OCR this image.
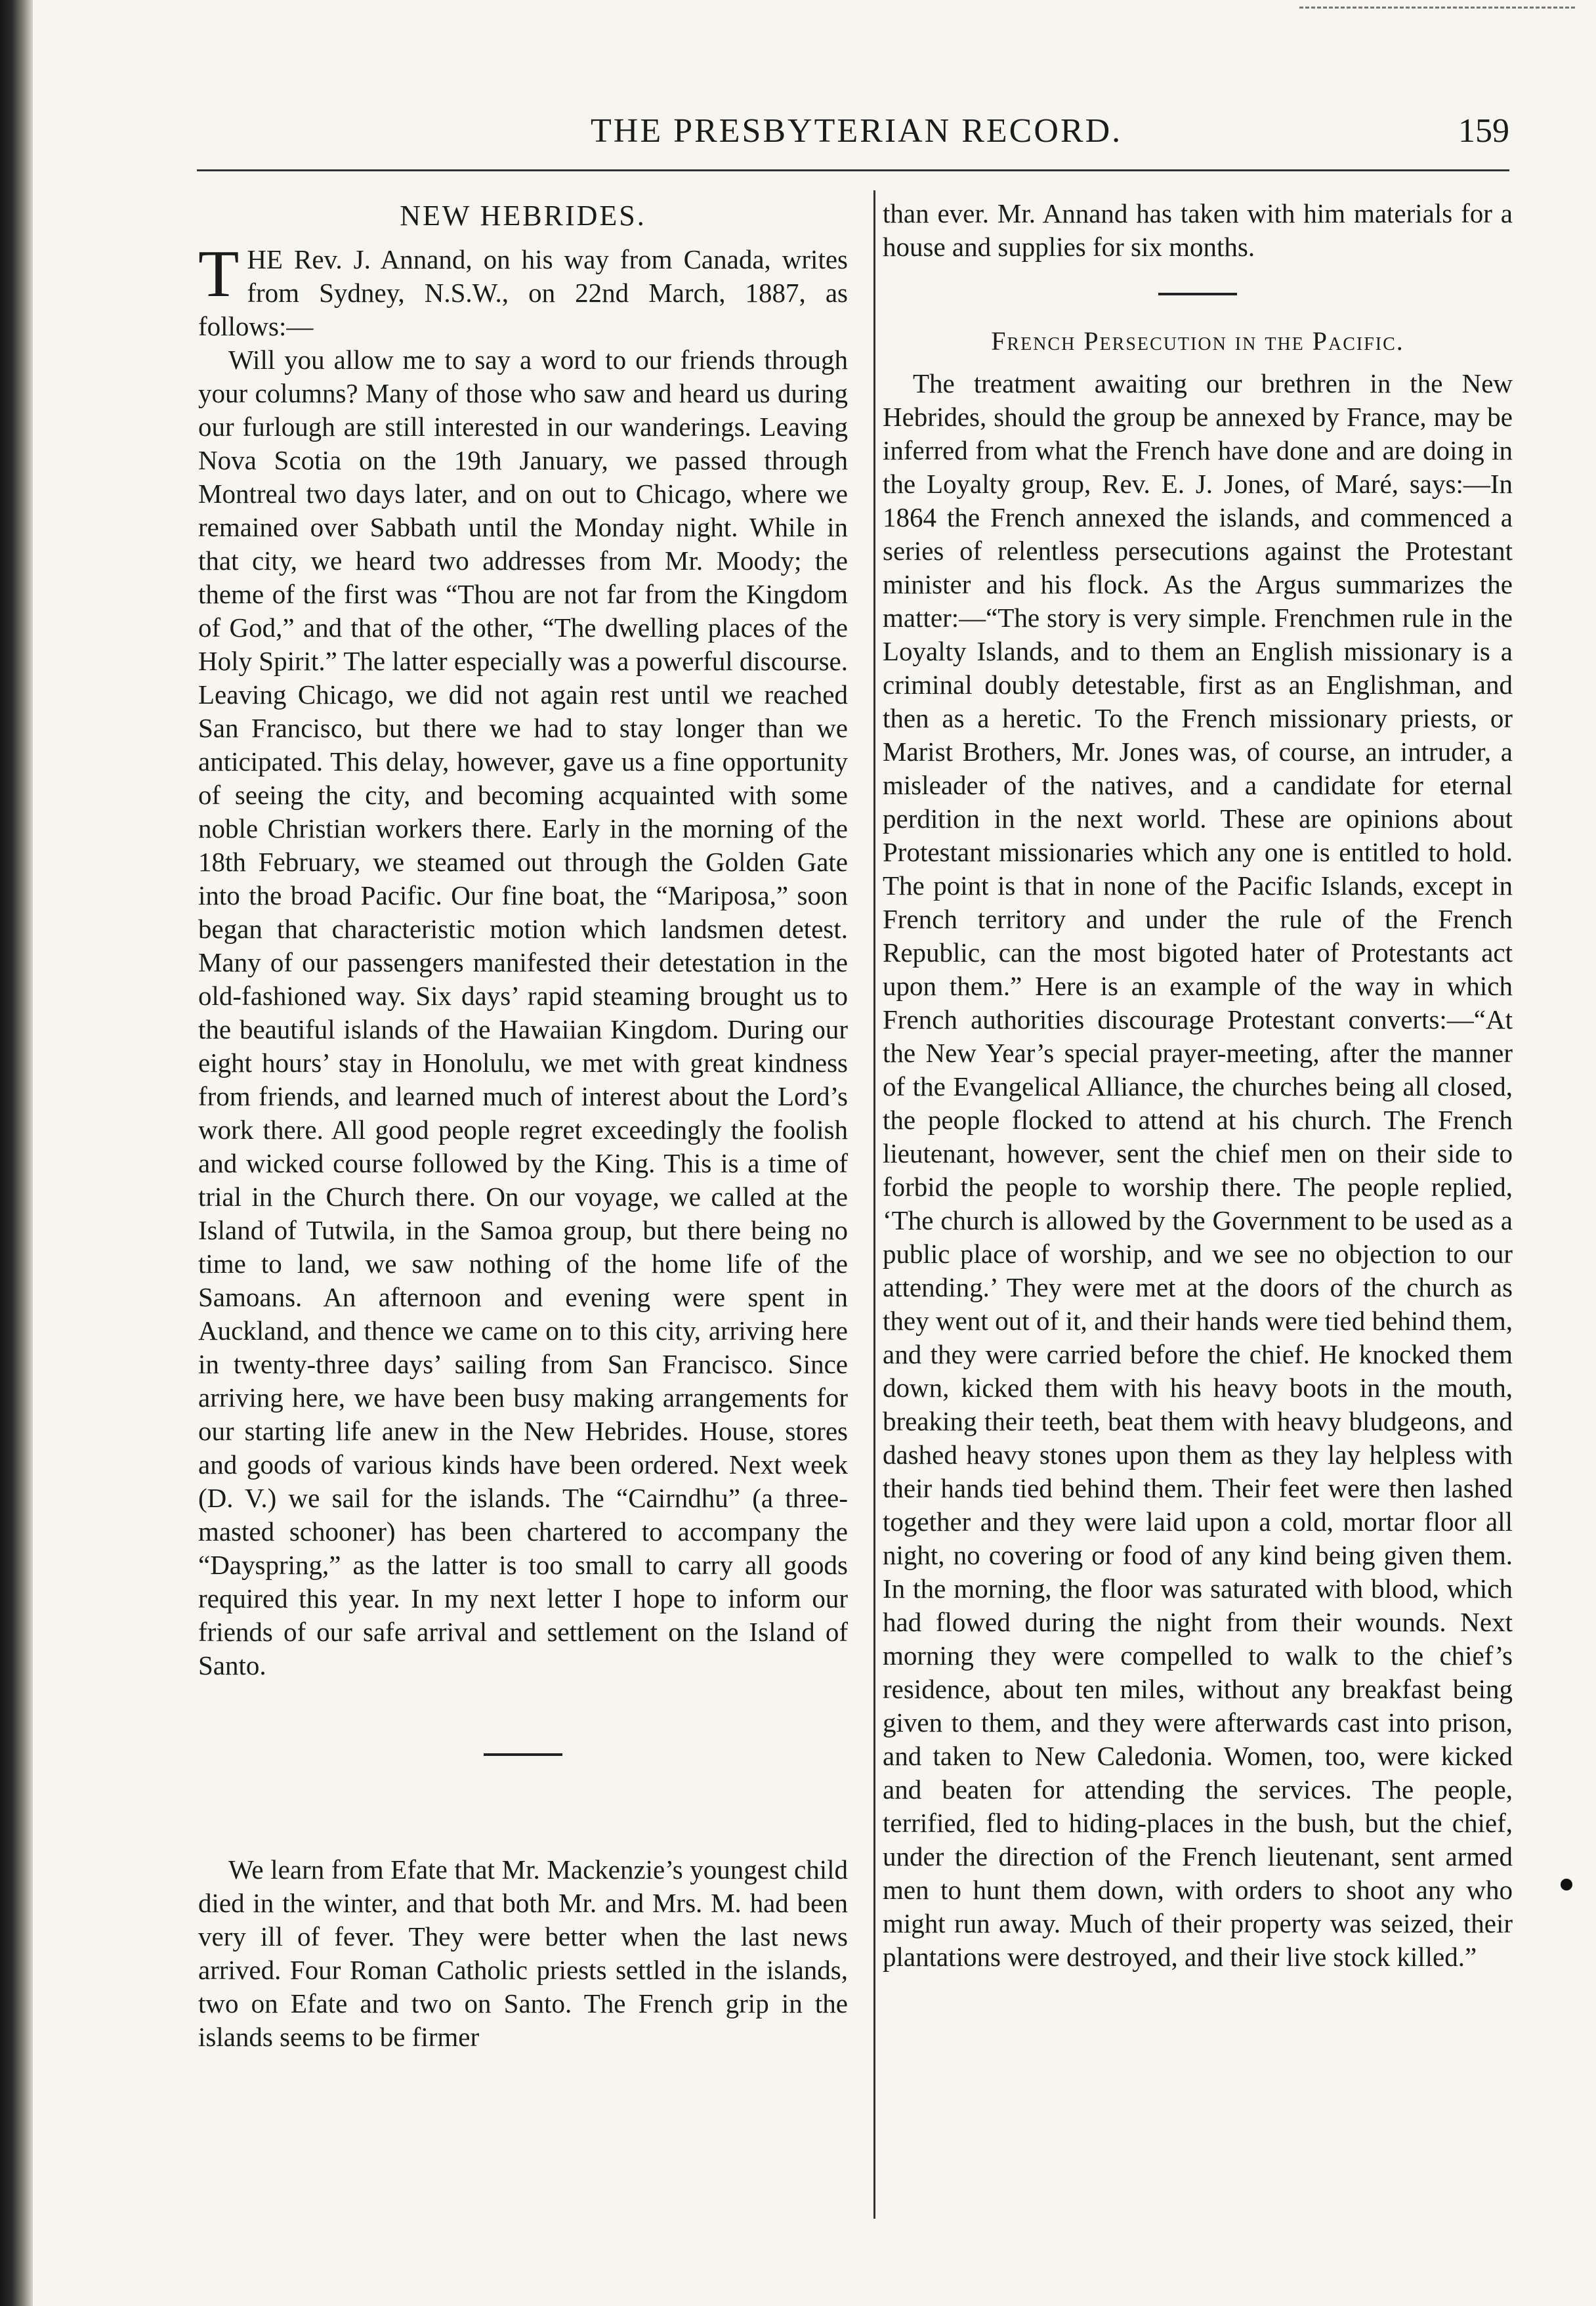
THE PRESBYTERIAN RECORD.	159
NEW HEBRIDES.

THE Rev. J. Annand, on his way from Canada, writes from Sydney, N.S.W., on 22nd March, 1887, as follows:—

Will you allow me to say a word to our friends through your columns? Many of those who saw and heard us during our furlough are still interested in our wanderings. Leaving Nova Scotia on the 19th January, we passed through Montreal two days later, and on out to Chicago, where we remained over Sabbath until the Monday night. While in that city, we heard two addresses from Mr. Moody; the theme of the first was “Thou are not far from the Kingdom of God,” and that of the other, “The dwelling places of the Holy Spirit.” The latter especially was a powerful discourse. Leaving Chicago, we did not again rest until we reached San Francisco, but there we had to stay longer than we anticipated. This delay, however, gave us a fine opportunity of seeing the city, and becoming acquainted with some noble Christian workers there. Early in the morning of the 18th February, we steamed out through the Golden Gate into the broad Pacific. Our fine boat, the “Mariposa,” soon began that characteristic motion which landsmen detest. Many of our passengers manifested their detestation in the old-fashioned way. Six days’ rapid steaming brought us to the beautiful islands of the Hawaiian Kingdom. During our eight hours’ stay in Honolulu, we met with great kindness from friends, and learned much of interest about the Lord’s work there. All good people regret exceedingly the foolish and wicked course followed by the King. This is a time of trial in the Church there. On our voyage, we called at the Island of Tutwila, in the Samoa group, but there being no time to land, we saw nothing of the home life of the Samoans. An afternoon and evening were spent in Auckland, and thence we came on to this city, arriving here in twenty-three days’ sailing from San Francisco. Since arriving here, we have been busy making arrangements for our starting life anew in the New Hebrides. House, stores and goods of various kinds have been ordered. Next week (D. V.) we sail for the islands. The “Cairndhu” (a three-masted schooner) has been chartered to accompany the “Dayspring,” as the latter is too small to carry all goods required this year. In my next letter I hope to inform our friends of our safe arrival and settlement on the Island of Santo.

We learn from Efate that Mr. Mackenzie’s youngest child died in the winter, and that both Mr. and Mrs. M. had been very ill of fever. They were better when the last news arrived. Four Roman Catholic priests settled in the islands, two on Efate and two on Santo. The French grip in the islands seems to be firmer

than ever. Mr. Annand has taken with him materials for a house and supplies for six months.

French Persecution in the Pacific.

The treatment awaiting our brethren in the New Hebrides, should the group be annexed by France, may be inferred from what the French have done and are doing in the Loyalty group, Rev. E. J. Jones, of Maré, says:—In 1864 the French annexed the islands, and commenced a series of relentless persecutions against the Protestant minister and his flock. As the Argus summarizes the matter:—“The story is very simple. Frenchmen rule in the Loyalty Islands, and to them an English missionary is a criminal doubly detestable, first as an Englishman, and then as a heretic. To the French missionary priests, or Marist Brothers, Mr. Jones was, of course, an intruder, a misleader of the natives, and a candidate for eternal perdition in the next world. These are opinions about Protestant missionaries which any one is entitled to hold. The point is that in none of the Pacific Islands, except in French territory and under the rule of the French Republic, can the most bigoted hater of Protestants act upon them.” Here is an example of the way in which French authorities discourage Protestant converts:—“At the New Year’s special prayer-meeting, after the manner of the Evangelical Alliance, the churches being all closed, the people flocked to attend at his church. The French lieutenant, however, sent the chief men on their side to forbid the people to worship there. The people replied, ‘The church is allowed by the Government to be used as a public place of worship, and we see no objection to our attending.’ They were met at the doors of the church as they went out of it, and their hands were tied behind them, and they were carried before the chief. He knocked them down, kicked them with his heavy boots in the mouth, breaking their teeth, beat them with heavy bludgeons, and dashed heavy stones upon them as they lay helpless with their hands tied behind them. Their feet were then lashed together and they were laid upon a cold, mortar floor all night, no covering or food of any kind being given them. In the morning, the floor was saturated with blood, which had flowed during the night from their wounds. Next morning they were compelled to walk to the chief’s residence, about ten miles, without any breakfast being given to them, and they were afterwards cast into prison, and taken to New Caledonia. Women, too, were kicked and beaten for attending the services. The people, terrified, fled to hiding-places in the bush, but the chief, under the direction of the French lieutenant, sent armed men to hunt them down, with orders to shoot any who might run away. Much of their property was seized, their plantations were destroyed, and their live stock killed.”
